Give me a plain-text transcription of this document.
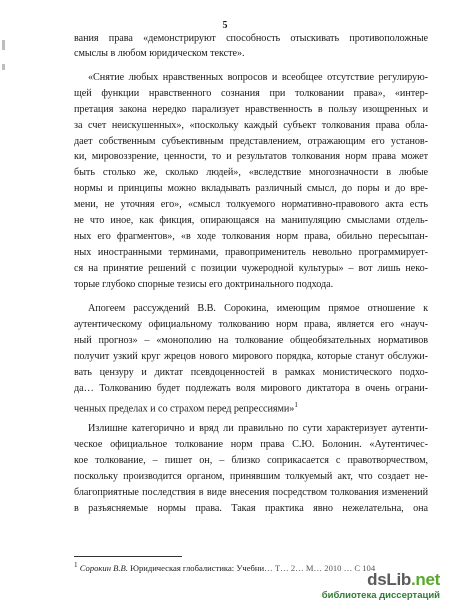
5
вания права «демонстрируют способность отыскивать противоположные
смыслы в любом юридическом тексте».
«Снятие любых нравственных вопросов и всеобщее отсутствие регулирую-
щей функции нравственного сознания при толковании права», «интер-
претация закона нередко парализует нравственность в пользу изощренных и
за счет неискушенных», «поскольку каждый субъект толкования права обла-
дает собственным субъективным представлением, отражающим его установ-
ки, мировоззрение, ценности, то и результатов толкования норм права может
быть столько же, сколько людей», «вследствие многозначности в любые
нормы и принципы можно вкладывать различный смысл, до поры и до вре-
мени, не уточняя его», «смысл толкуемого нормативно-правового акта есть
не что иное, как фикция, опирающаяся на манипуляцию смыслами отдель-
ных его фрагментов», «в ходе толкования норм права, обильно пересыпан-
ных иностранными терминами, правоприменитель невольно программирует-
ся на принятие решений с позиции чужеродной культуры» – вот лишь неко-
торые глубоко спорные тезисы его доктринального подхода.
Апогеем рассуждений В.В. Сорокина, имеющим прямое отношение к
аутентическому официальному толкованию норм права, является его «науч-
ный прогноз» – «монополию на толкование общеобязательных нормативов
получит узкий круг жрецов нового мирового порядка, которые станут обслужи-
вать цензуру и диктат псевдоценностей в рамках монистического подхо-
да… Толкованию будет подлежать воля мирового диктатора в очень ограни-
ченных пределах и со страхом перед репрессиями»$^1$
Излишне категорично и вряд ли правильно по сути характеризует аутенти-
ческое официальное толкование норм права С.Ю. Болонин. «Аутентичес-
кое толкование, – пишет он, – близко соприкасается с правотворчеством,
поскольку производится органом, принявшим толкуемый акт, что создает не-
благоприятные последствия в виде внесения посредством толкования изменений
в разъясняемые нормы права. Такая практика явно нежелательна, она
$^1$ Сорокин В.В. Юридическая глобалистика: Учебни… Т… 2… М… 2010 … С 104
dsLib.net
библиотека диссертаций
